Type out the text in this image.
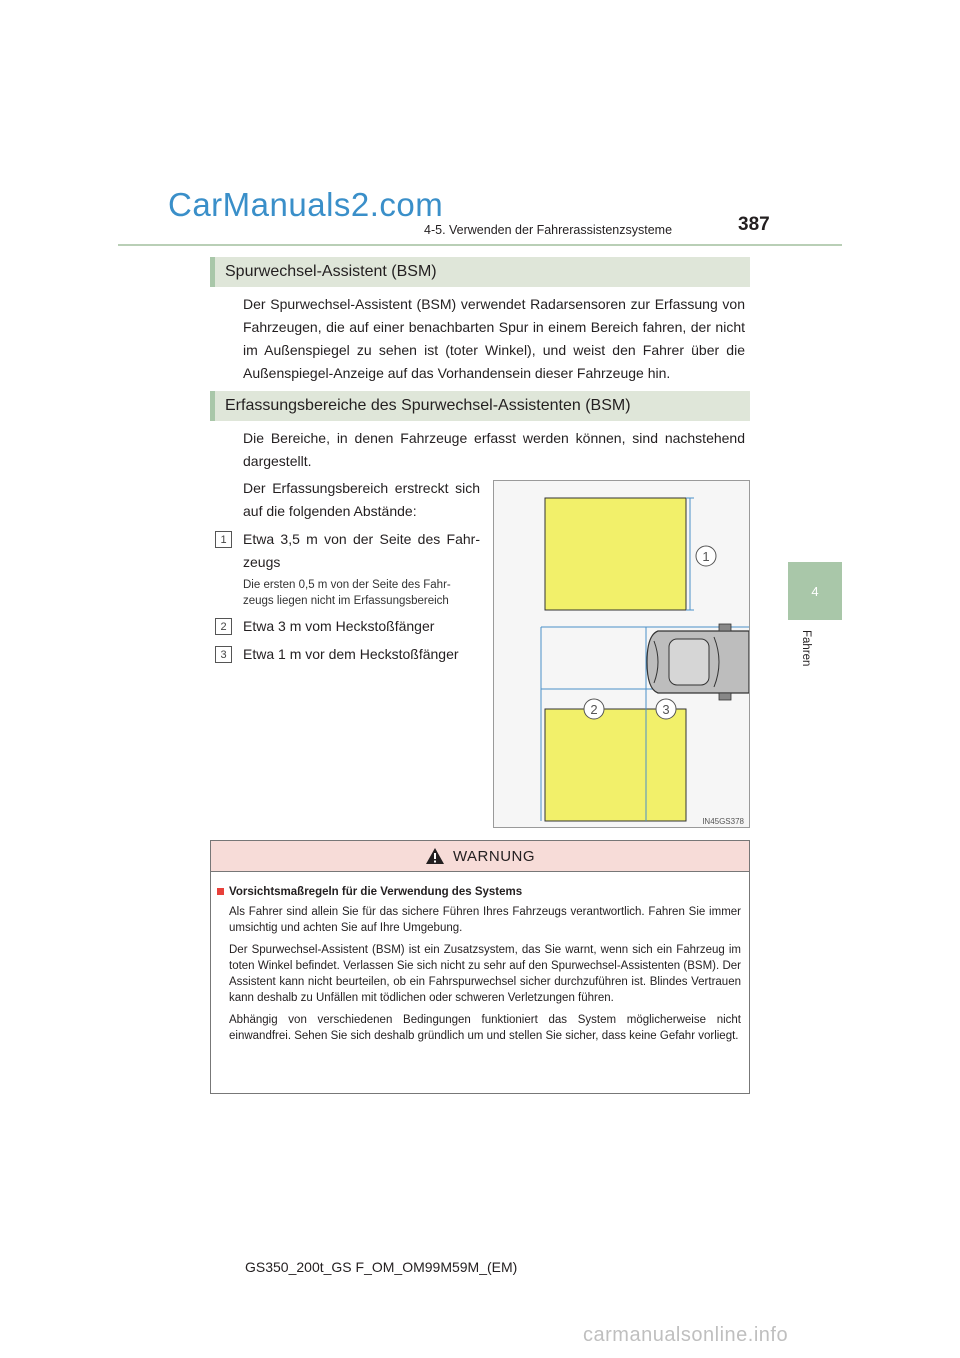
CarManuals2.com
4-5. Verwenden der Fahrerassistenzsysteme	387
4
Fahren
Spurwechsel-Assistent (BSM)
Der Spurwechsel-Assistent (BSM) verwendet Radarsensoren zur Erfassung von Fahrzeugen, die auf einer benachbarten Spur in einem Bereich fahren, der nicht im Außenspiegel zu sehen ist (toter Winkel), und weist den Fahrer über die Außenspiegel-Anzeige auf das Vorhandensein dieser Fahrzeuge hin.
Erfassungsbereiche des Spurwechsel-Assistenten (BSM)
Die Bereiche, in denen Fahrzeuge erfasst werden können, sind nachstehend dargestellt.
Der Erfassungsbereich erstreckt sich
auf die folgenden Abstände:
1	Etwa 3,5 m von der Seite des Fahr-
zeugs
Die ersten 0,5 m von der Seite des Fahr-
zeugs liegen nicht im Erfassungsbereich
2	Etwa 3 m vom Heckstoßfänger
3	Etwa 1 m vor dem Heckstoßfänger
1
2	3
IN45GS378
WARNUNG
Vorsichtsmaßregeln für die Verwendung des Systems

Als Fahrer sind allein Sie für das sichere Führen Ihres Fahrzeugs verantwortlich. Fahren Sie immer umsichtig und achten Sie auf Ihre Umgebung.

Der Spurwechsel-Assistent (BSM) ist ein Zusatzsystem, das Sie warnt, wenn sich ein Fahrzeug im toten Winkel befindet. Verlassen Sie sich nicht zu sehr auf den Spurwechsel-Assistenten (BSM). Der Assistent kann nicht beurteilen, ob ein Fahrspurwechsel sicher durchzuführen ist. Blindes Vertrauen kann deshalb zu Unfällen mit tödlichen oder schweren Verletzungen führen.

Abhängig von verschiedenen Bedingungen funktioniert das System möglicherweise nicht einwandfrei. Sehen Sie sich deshalb gründlich um und stellen Sie sicher, dass keine Gefahr vorliegt.

GS350_200t_GS F_OM_OM99M59M_(EM)
carmanualsonline.info
